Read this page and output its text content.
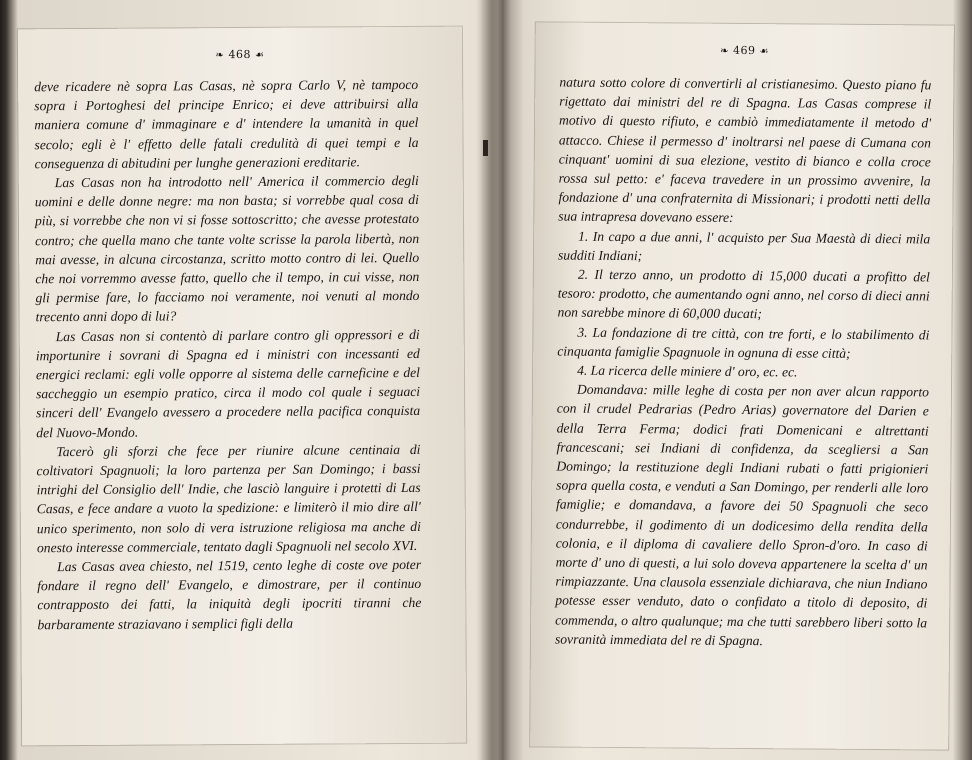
❧ 468 ☙

deve ricadere nè sopra Las Casas, nè sopra Carlo V, nè tampoco sopra i Portoghesi del principe Enrico; ei deve attribuirsi alla maniera comune d' immaginare e d' intendere la umanità in quel secolo; egli è l' effetto delle fatali credulità di quei tempi e la conseguenza di abitudini per lunghe generazioni ereditarie.

Las Casas non ha introdotto nell' America il commercio degli uomini e delle donne negre: ma non basta; si vorrebbe qual cosa di più, si vorrebbe che non vi si fosse sottoscritto; che avesse protestato contro; che quella mano che tante volte scrisse la parola libertà, non mai avesse, in alcuna circostanza, scritto motto contro di lei. Quello che noi vorremmo avesse fatto, quello che il tempo, in cui visse, non gli permise fare, lo facciamo noi veramente, noi venuti al mondo trecento anni dopo di lui?

Las Casas non si contentò di parlare contro gli oppressori e di importunire i sovrani di Spagna ed i ministri con incessanti ed energici reclami: egli volle opporre al sistema delle carneficine e del saccheggio un esempio pratico, circa il modo col quale i seguaci sinceri dell' Evangelo avessero a procedere nella pacifica conquista del Nuovo-Mondo.

Tacerò gli sforzi che fece per riunire alcune centinaia di coltivatori Spagnuoli; la loro partenza per San Domingo; i bassi intrighi del Consiglio dell' Indie, che lasciò languire i protetti di Las Casas, e fece andare a vuoto la spedizione: e limiterò il mio dire all' unico sperimento, non solo di vera istruzione religiosa ma anche di onesto interesse commerciale, tentato dagli Spagnuoli nel secolo XVI.

Las Casas avea chiesto, nel 1519, cento leghe di coste ove poter fondare il regno dell' Evangelo, e dimostrare, per il continuo contrapposto dei fatti, la iniquità degli ipocriti tiranni che barbaramente straziavano i semplici figli della

❧ 469 ☙

natura sotto colore di convertirli al cristianesimo. Questo piano fu rigettato dai ministri del re di Spagna. Las Casas comprese il motivo di questo rifiuto, e cambiò immediatamente il metodo d' attacco. Chiese il permesso d' inoltrarsi nel paese di Cumana con cinquant' uomini di sua elezione, vestito di bianco e colla croce rossa sul petto: e' faceva travedere in un prossimo avvenire, la fondazione d' una confraternita di Missionari; i prodotti netti della sua intrapresa dovevano essere:

1. In capo a due anni, l' acquisto per Sua Maestà di dieci mila sudditi Indiani;

2. Il terzo anno, un prodotto di 15,000 ducati a profitto del tesoro: prodotto, che aumentando ogni anno, nel corso di dieci anni non sarebbe minore di 60,000 ducati;

3. La fondazione di tre città, con tre forti, e lo stabilimento di cinquanta famiglie Spagnuole in ognuna di esse città;

4. La ricerca delle miniere d' oro, ec. ec.

Domandava: mille leghe di costa per non aver alcun rapporto con il crudel Pedrarias (Pedro Arias) governatore del Darien e della Terra Ferma; dodici frati Domenicani e altrettanti francescani; sei Indiani di confidenza, da scegliersi a San Domingo; la restituzione degli Indiani rubati o fatti prigionieri sopra quella costa, e venduti a San Domingo, per renderli alle loro famiglie; e domandava, a favore dei 50 Spagnuoli che seco condurrebbe, il godimento di un dodicesimo della rendita della colonia, e il diploma di cavaliere dello Spron-d'oro. In caso di morte d' uno di questi, a lui solo doveva appartenere la scelta d' un rimpiazzante. Una clausola essenziale dichiarava, che niun Indiano potesse esser venduto, dato o confidato a titolo di deposito, di commenda, o altro qualunque; ma che tutti sarebbero liberi sotto la sovranità immediata del re di Spagna.
